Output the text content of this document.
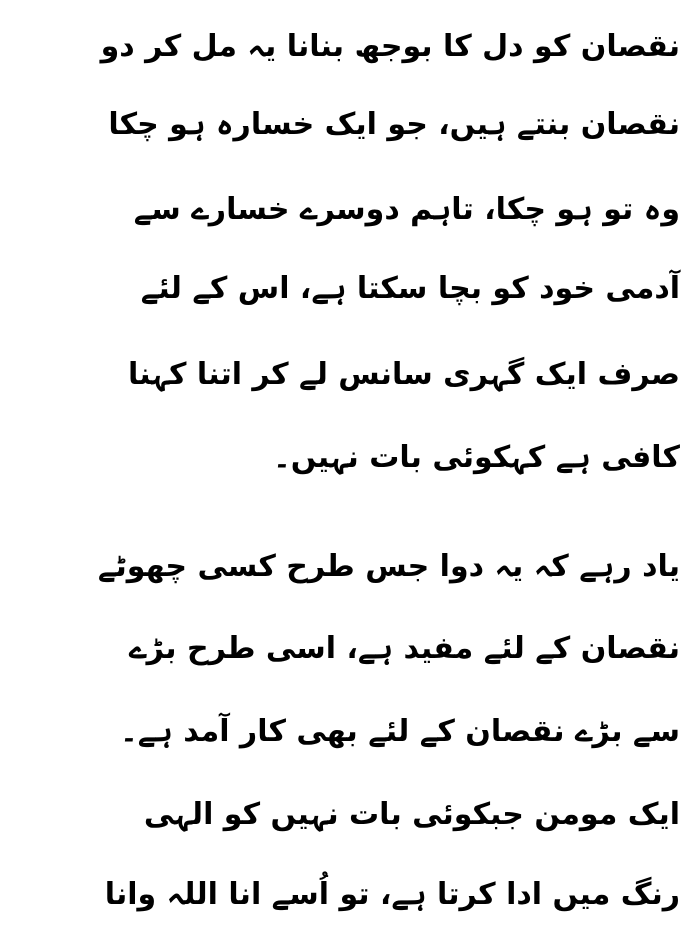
نقصان کو دل کا بوجھ بنانا یہ مل کر دو
نقصان بنتے ہیں، جو ایک خسارہ ہو چکا
وہ تو ہو چکا، تاہم دوسرے خسارے سے
آدمی خود کو بچا سکتا ہے، اس کے لئے
صرف ایک گہری سانس لے کر اتنا کہنا
کافی ہے کہکوئی بات نہیں۔
یاد رہے کہ یہ دوا جس طرح کسی چھوٹے
نقصان کے لئے مفید ہے، اسی طرح بڑے
سے بڑے نقصان کے لئے بھی کار آمد ہے۔
ایک مومن جبکوئی بات نہیں کو الہی
رنگ میں ادا کرتا ہے، تو اُسے انا اللہ وانا
